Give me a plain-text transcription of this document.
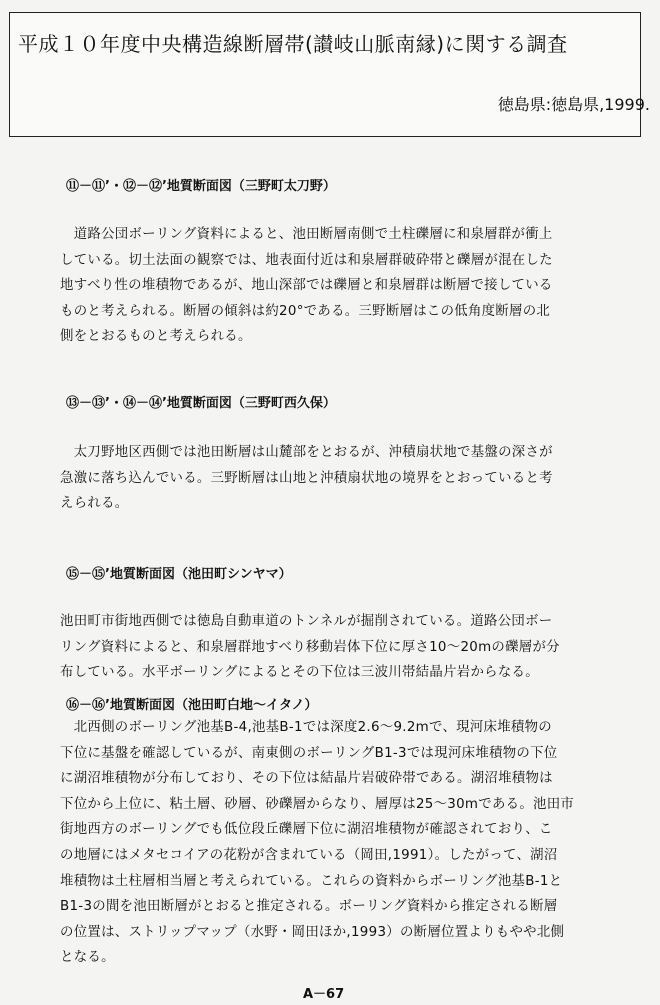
平成１０年度中央構造線断層帯(讃岐山脈南縁)に関する調査
徳島県:徳島県,1999.
⑪－⑪’・⑫－⑫’地質断面図（三野町太刀野）

　道路公団ボーリング資料によると、池田断層南側で土柱礫層に和泉層群が衝上

している。切土法面の観察では、地表面付近は和泉層群破砕帯と礫層が混在した

地すべり性の堆積物であるが、地山深部では礫層と和泉層群は断層で接している

ものと考えられる。断層の傾斜は約20°である。三野断層はこの低角度断層の北

側をとおるものと考えられる。

⑬－⑬’・⑭－⑭’地質断面図（三野町西久保）

　太刀野地区西側では池田断層は山麓部をとおるが、沖積扇状地で基盤の深さが

急激に落ち込んでいる。三野断層は山地と沖積扇状地の境界をとおっていると考

えられる。

⑮－⑮’地質断面図（池田町シンヤマ）

池田町市街地西側では徳島自動車道のトンネルが掘削されている。道路公団ボー

リング資料によると、和泉層群地すべり移動岩体下位に厚さ10～20mの礫層が分

布している。水平ボーリングによるとその下位は三波川帯結晶片岩からなる。

⑯－⑯’地質断面図（池田町白地～イタノ）

　北西側のボーリング池基B-4,池基B-1では深度2.6～9.2mで、現河床堆積物の

下位に基盤を確認しているが、南東側のボーリングB1-3では現河床堆積物の下位

に湖沼堆積物が分布しており、その下位は結晶片岩破砕帯である。湖沼堆積物は

下位から上位に、粘土層、砂層、砂礫層からなり、層厚は25～30mである。池田市

街地西方のボーリングでも低位段丘礫層下位に湖沼堆積物が確認されており、こ

の地層にはメタセコイアの花粉が含まれている（岡田,1991）。したがって、湖沼

堆積物は土柱層相当層と考えられている。これらの資料からボーリング池基B-1と

B1-3の間を池田断層がとおると推定される。ボーリング資料から推定される断層

の位置は、ストリップマップ（水野・岡田ほか,1993）の断層位置よりもやや北側

となる。

A－67
